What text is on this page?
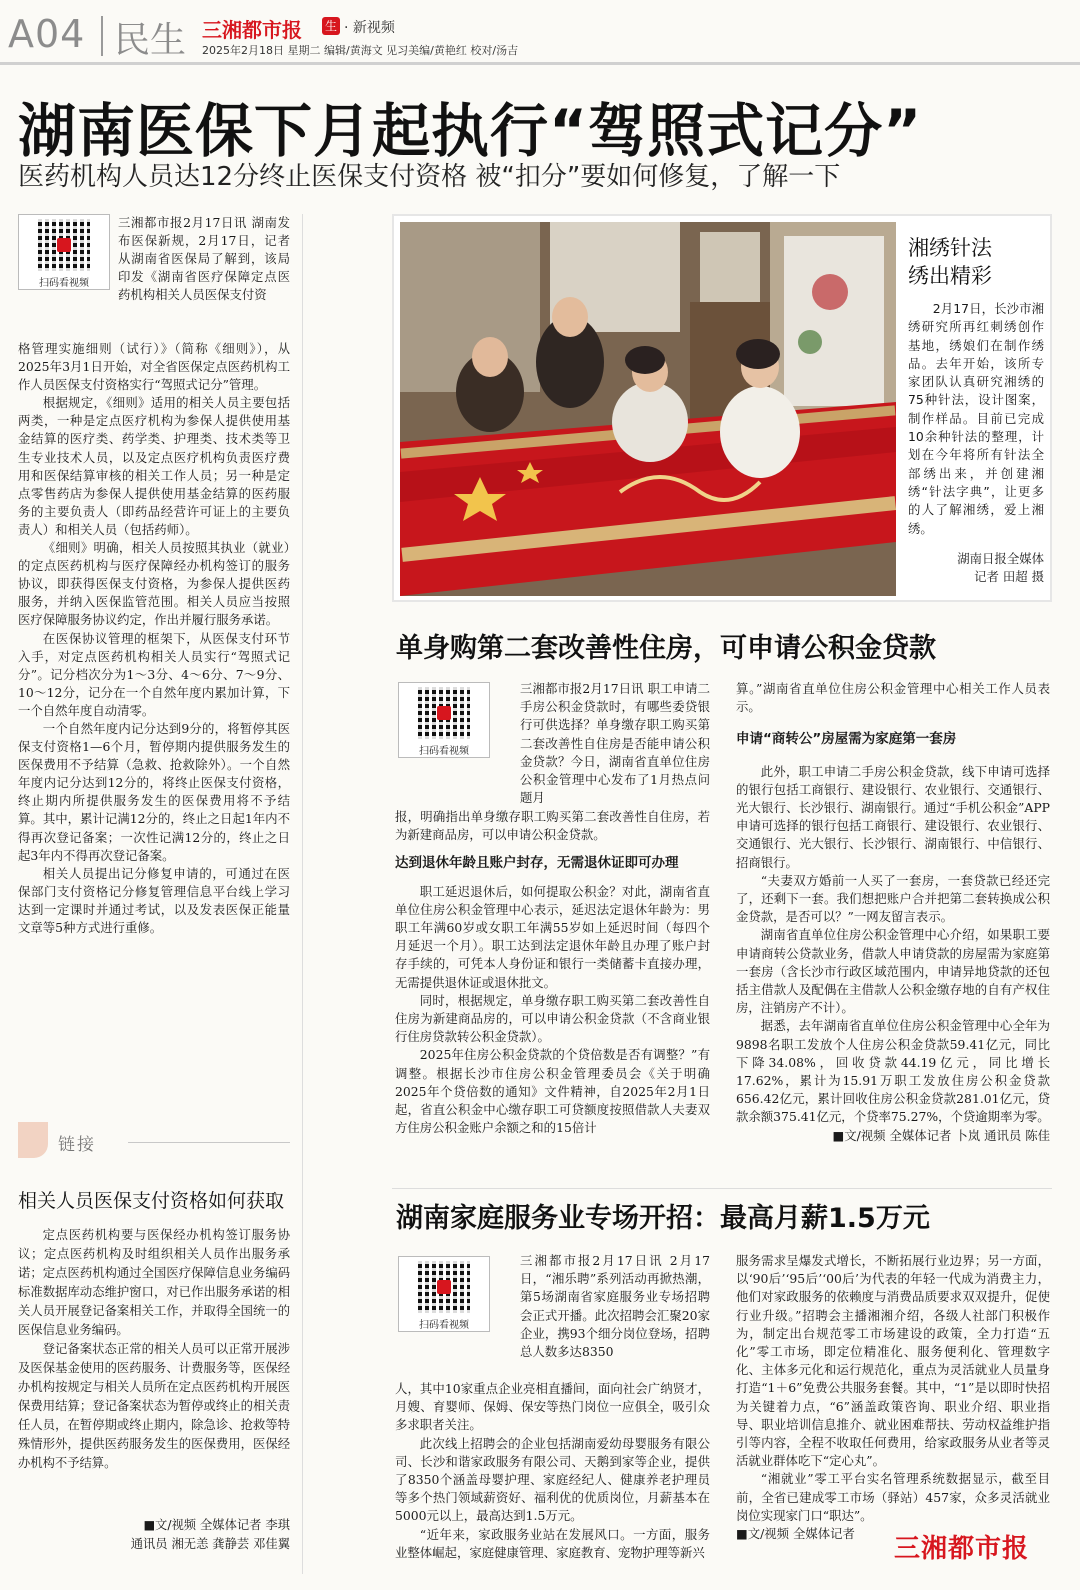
A04 民生 三湘都市报 生 · 新视频
2025年2月18日 星期二 编辑/黄海文 见习美编/黄艳红 校对/汤吉
湖南医保下月起执行“驾照式记分”
医药机构人员达12分终止医保支付资格 被“扣分”要如何修复，了解一下
扫码看视频
三湘都市报2月17日讯 湖南发布医保新规，2月17日，记者从湖南省医保局了解到，该局印发《湖南省医疗保障定点医药机构相关人员医保支付资

格管理实施细则（试行）》（简称《细则》），从2025年3月1日开始，对全省医保定点医药机构工作人员医保支付资格实行“驾照式记分”管理。

根据规定，《细则》适用的相关人员主要包括两类，一种是定点医疗机构为参保人提供使用基金结算的医疗类、药学类、护理类、技术类等卫生专业技术人员，以及定点医疗机构负责医疗费用和医保结算审核的相关工作人员；另一种是定点零售药店为参保人提供使用基金结算的医药服务的主要负责人（即药品经营许可证上的主要负责人）和相关人员（包括药师）。

《细则》明确，相关人员按照其执业（就业）的定点医药机构与医疗保障经办机构签订的服务协议，即获得医保支付资格，为参保人提供医药服务，并纳入医保监管范围。相关人员应当按照医疗保障服务协议约定，作出并履行服务承诺。

在医保协议管理的框架下，从医保支付环节入手，对定点医药机构相关人员实行“驾照式记分”。记分档次分为1～3分、4～6分、7～9分、10～12分，记分在一个自然年度内累加计算，下一个自然年度自动清零。

一个自然年度内记分达到9分的，将暂停其医保支付资格1—6个月，暂停期内提供服务发生的医保费用不予结算（急救、抢救除外）。一个自然年度内记分达到12分的，将终止医保支付资格，终止期内所提供服务发生的医保费用将不予结算。其中，累计记满12分的，终止之日起1年内不得再次登记备案；一次性记满12分的，终止之日起3年内不得再次登记备案。

相关人员提出记分修复申请的，可通过在医保部门支付资格记分修复管理信息平台线上学习达到一定课时并通过考试，以及发表医保正能量文章等5种方式进行重修。

链接
相关人员医保支付资格如何获取

定点医药机构要与医保经办机构签订服务协议；定点医药机构及时组织相关人员作出服务承诺；定点医药机构通过全国医疗保障信息业务编码标准数据库动态维护窗口，对已作出服务承诺的相关人员开展登记备案相关工作，并取得全国统一的医保信息业务编码。

登记备案状态正常的相关人员可以正常开展涉及医保基金使用的医药服务、计费服务等，医保经办机构按规定与相关人员所在定点医药机构开展医保费用结算；登记备案状态为暂停或终止的相关责任人员，在暂停期或终止期内，除急诊、抢救等特殊情形外，提供医药服务发生的医保费用，医保经办机构不予结算。

■文/视频 全媒体记者 李琪
通讯员 湘无恙 龚静芸 邓佳翼
湘绣针法
绣出精彩
2月17日，长沙市湘绣研究所再红刺绣创作基地，绣娘们在制作绣品。去年开始，该所专家团队认真研究湘绣的75种针法，设计图案，制作样品。目前已完成10余种针法的整理，计划在今年将所有针法全部绣出来，并创建湘绣“针法字典”，让更多的人了解湘绣，爱上湘绣。
湖南日报全媒体
记者 田超 摄
单身购第二套改善性住房，可申请公积金贷款
扫码看视频
三湘都市报2月17日讯 职工申请二手房公积金贷款时，有哪些委贷银行可供选择？单身缴存职工购买第二套改善性自住房是否能申请公积金贷款？今日，湖南省直单位住房公积金管理中心发布了1月热点问题月

报，明确指出单身缴存职工购买第二套改善性自住房，若为新建商品房，可以申请公积金贷款。

达到退休年龄且账户封存，无需退休证即可办理

职工延迟退休后，如何提取公积金？对此，湖南省直单位住房公积金管理中心表示，延迟法定退休年龄为：男职工年满60岁或女职工年满55岁如上延迟时间（每四个月延迟一个月）。职工达到法定退休年龄且办理了账户封存手续的，可凭本人身份证和银行一类储蓄卡直接办理，无需提供退休证或退休批文。

同时，根据规定，单身缴存职工购买第二套改善性自住房为新建商品房的，可以申请公积金贷款（不含商业银行住房贷款转公积金贷款）。

2025年住房公积金贷款的个贷倍数是否有调整？”有调整。根据长沙市住房公积金管理委员会《关于明确2025年个贷倍数的通知》文件精神，自2025年2月1日起，省直公积金中心缴存职工可贷额度按照借款人夫妻双方住房公积金账户余额之和的15倍计

算。”湖南省直单位住房公积金管理中心相关工作人员表示。

申请“商转公”房屋需为家庭第一套房

此外，职工申请二手房公积金贷款，线下申请可选择的银行包括工商银行、建设银行、农业银行、交通银行、光大银行、长沙银行、湖南银行。通过“手机公积金”APP申请可选择的银行包括工商银行、建设银行、农业银行、交通银行、光大银行、长沙银行、湖南银行、中信银行、招商银行。

“夫妻双方婚前一人买了一套房，一套贷款已经还完了，还剩下一套。我们想把账户合并把第二套转换成公积金贷款，是否可以？”一网友留言表示。

湖南省直单位住房公积金管理中心介绍，如果职工要申请商转公贷款业务，借款人申请贷款的房屋需为家庭第一套房（含长沙市行政区域范围内，申请异地贷款的还包括主借款人及配偶在主借款人公积金缴存地的自有产权住房，注销房产不计）。

据悉，去年湖南省直单位住房公积金管理中心全年为9898名职工发放个人住房公积金贷款59.41亿元，同比下降34.08%，回收贷款44.19亿元，同比增长17.62%，累计为15.91万职工发放住房公积金贷款656.42亿元，累计回收住房公积金贷款281.01亿元，贷款余额375.41亿元，个贷率75.27%，个贷逾期率为零。

■文/视频 全媒体记者 卜岚 通讯员 陈佳

湖南家庭服务业专场开招：最高月薪1.5万元
扫码看视频
三湘都市报2月17日讯 2月17日，“湘乐聘”系列活动再掀热潮，第5场湖南省家庭服务业专场招聘会正式开播。此次招聘会汇聚20家企业，携93个细分岗位登场，招聘总人数多达8350

人，其中10家重点企业亮相直播间，面向社会广纳贤才，月嫂、育婴师、保姆、保安等热门岗位一应俱全，吸引众多求职者关注。

此次线上招聘会的企业包括湖南爱幼母婴服务有限公司、长沙和谐家政服务有限公司、天鹅到家等企业，提供了8350个涵盖母婴护理、家庭经纪人、健康养老护理员等多个热门领域薪资好、福利优的优质岗位，月薪基本在5000元以上，最高达到1.5万元。

“近年来，家政服务业站在发展风口。一方面，服务业整体崛起，家庭健康管理、家庭教育、宠物护理等新兴

服务需求呈爆发式增长，不断拓展行业边界；另一方面，以‘90后’‘95后’‘00后’为代表的年轻一代成为消费主力，他们对家政服务的依赖度与消费品质要求双双提升，促使行业升级。”招聘会主播湘湘介绍，各级人社部门积极作为，制定出台规范零工市场建设的政策，全力打造“五化”零工市场，即定位精准化、服务便利化、管理数字化、主体多元化和运行规范化，重点为灵活就业人员量身打造“1＋6”免费公共服务套餐。其中，“1”是以即时快招为关键着力点，“6”涵盖政策咨询、职业介绍、职业指导、职业培训信息推介、就业困难帮扶、劳动权益维护指引等内容，全程不收取任何费用，给家政服务从业者等灵活就业群体吃下“定心丸”。

“湘就业”零工平台实名管理系统数据显示，截至目前，全省已建成零工市场（驿站）457家，众多灵活就业岗位实现家门口“职达”。

■文/视频 全媒体记者

三湘都市报
